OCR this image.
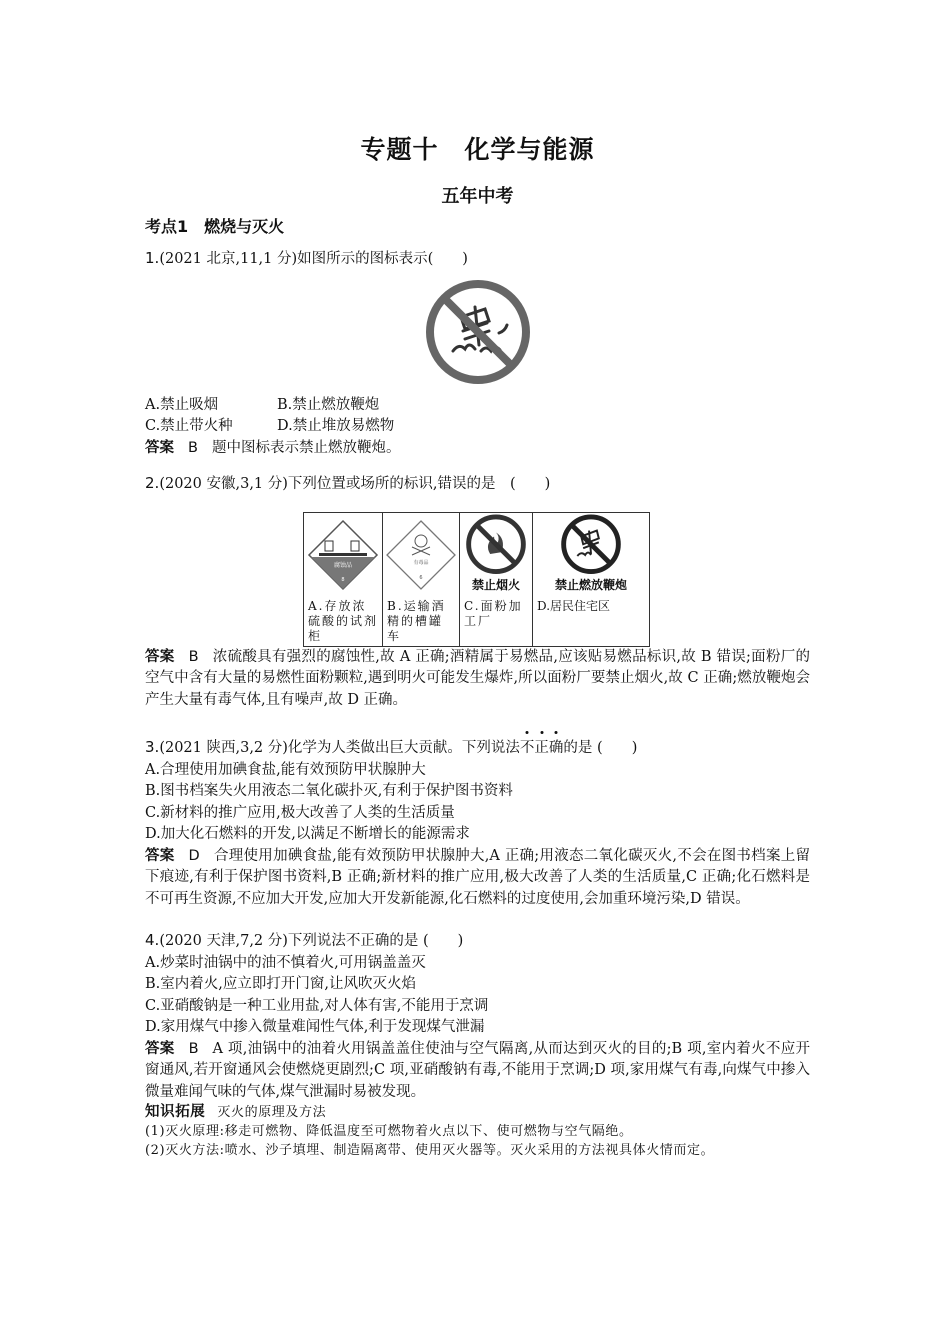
专题十　化学与能源
五年中考
考点1　燃烧与灭火
1.(2021 北京,11,1 分)如图所示的图标表示(　　)
A.禁止吸烟	B.禁止燃放鞭炮
C.禁止带火种	D.禁止堆放易燃物
答案 B 题中图标表示禁止燃放鞭炮。
2.(2020 安徽,3,1 分)下列位置或场所的标识,错误的是　(　　)
腐蚀品
8
A.存放浓硫酸的试剂柜

有毒品
6
B.运输酒精的槽罐车

禁止烟火
C.面粉加工厂

禁止燃放鞭炮
D.居民住宅区
答案 B 浓硫酸具有强烈的腐蚀性,故 A 正确;酒精属于易燃品,应该贴易燃品标识,故 B 错误;面粉厂的空气中含有大量的易燃性面粉颗粒,遇到明火可能发生爆炸,所以面粉厂要禁止烟火,故 C 正确;燃放鞭炮会产生大量有毒气体,且有噪声,故 D 正确。
3.(2021 陕西,3,2 分)化学为人类做出巨大贡献。下列说法不正确
的是 (　　)
A.合理使用加碘食盐,能有效预防甲状腺肿大
B.图书档案失火用液态二氧化碳扑灭,有利于保护图书资料
C.新材料的推广应用,极大改善了人类的生活质量
D.加大化石燃料的开发,以满足不断增长的能源需求
答案 D 合理使用加碘食盐,能有效预防甲状腺肿大,A 正确;用液态二氧化碳灭火,不会在图书档案上留下痕迹,有利于保护图书资料,B 正确;新材料的推广应用,极大改善了人类的生活质量,C 正确;化石燃料是不可再生资源,不应加大开发,应加大开发新能源,化石燃料的过度使用,会加重环境污染,D 错误。
4.(2020 天津,7,2 分)下列说法不正确的是 (　　)
A.炒菜时油锅中的油不慎着火,可用锅盖盖灭
B.室内着火,应立即打开门窗,让风吹灭火焰
C.亚硝酸钠是一种工业用盐,对人体有害,不能用于烹调
D.家用煤气中掺入微量难闻性气体,利于发现煤气泄漏
答案 B A 项,油锅中的油着火用锅盖盖住使油与空气隔离,从而达到灭火的目的;B 项,室内着火不应开窗通风,若开窗通风会使燃烧更剧烈;C 项,亚硝酸钠有毒,不能用于烹调;D 项,家用煤气有毒,向煤气中掺入微量难闻气味的气体,煤气泄漏时易被发现。
知识拓展 灭火的原理及方法
(1)灭火原理:移走可燃物、降低温度至可燃物着火点以下、使可燃物与空气隔绝。
(2)灭火方法:喷水、沙子填埋、制造隔离带、使用灭火器等。灭火采用的方法视具体火情而定。
